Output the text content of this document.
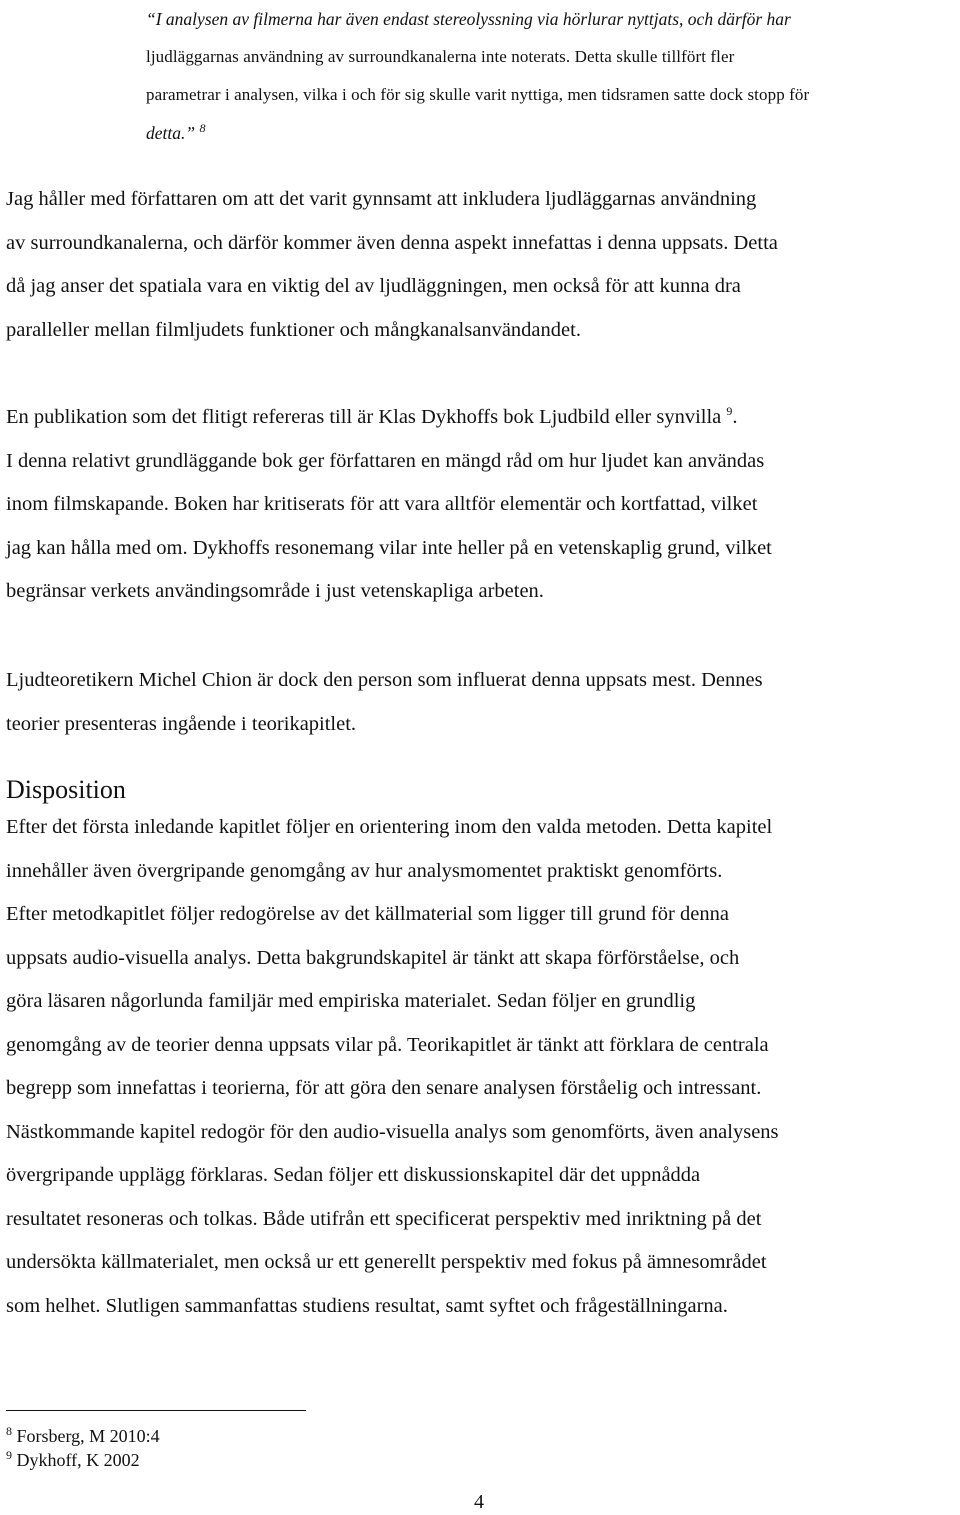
“I analysen av filmerna har även endast stereolyssning via hörlurar nyttjats, och därför har
ljudläggarnas användning av surroundkanalerna inte noterats. Detta skulle tillfört fler
parametrar i analysen, vilka i och för sig skulle varit nyttiga, men tidsramen satte dock stopp för
detta.” $^8$
Jag håller med författaren om att det varit gynnsamt att inkludera ljudläggarnas användning
av surroundkanalerna, och därför kommer även denna aspekt innefattas i denna uppsats. Detta
då jag anser det spatiala vara en viktig del av ljudläggningen, men också för att kunna dra
paralleller mellan filmljudets funktioner och mångkanalsanvändandet.
En publikation som det flitigt refereras till är Klas Dykhoffs bok Ljudbild eller synvilla $^9$.
I denna relativt grundläggande bok ger författaren en mängd råd om hur ljudet kan användas
inom filmskapande. Boken har kritiserats för att vara alltför elementär och kortfattad, vilket
jag kan hålla med om. Dykhoffs resonemang vilar inte heller på en vetenskaplig grund, vilket
begränsar verkets användingsområde i just vetenskapliga arbeten.
Ljudteoretikern Michel Chion är dock den person som influerat denna uppsats mest. Dennes
teorier presenteras ingående i teorikapitlet.
Disposition
Efter det första inledande kapitlet följer en orientering inom den valda metoden. Detta kapitel
innehåller även övergripande genomgång av hur analysmomentet praktiskt genomförts.
Efter metodkapitlet följer redogörelse av det källmaterial som ligger till grund för denna
uppsats audio-visuella analys. Detta bakgrundskapitel är tänkt att skapa förförståelse, och
göra läsaren någorlunda familjär med empiriska materialet. Sedan följer en grundlig
genomgång av de teorier denna uppsats vilar på. Teorikapitlet är tänkt att förklara de centrala
begrepp som innefattas i teorierna, för att göra den senare analysen förståelig och intressant.
Nästkommande kapitel redogör för den audio-visuella analys som genomförts, även analysens
övergripande upplägg förklaras. Sedan följer ett diskussionskapitel där det uppnådda
resultatet resoneras och tolkas. Både utifrån ett specificerat perspektiv med inriktning på det
undersökta källmaterialet, men också ur ett generellt perspektiv med fokus på ämnesområdet
som helhet. Slutligen sammanfattas studiens resultat, samt syftet och frågeställningarna.
$^8$ Forsberg, M 2010:4
$^9$ Dykhoff, K 2002
4
